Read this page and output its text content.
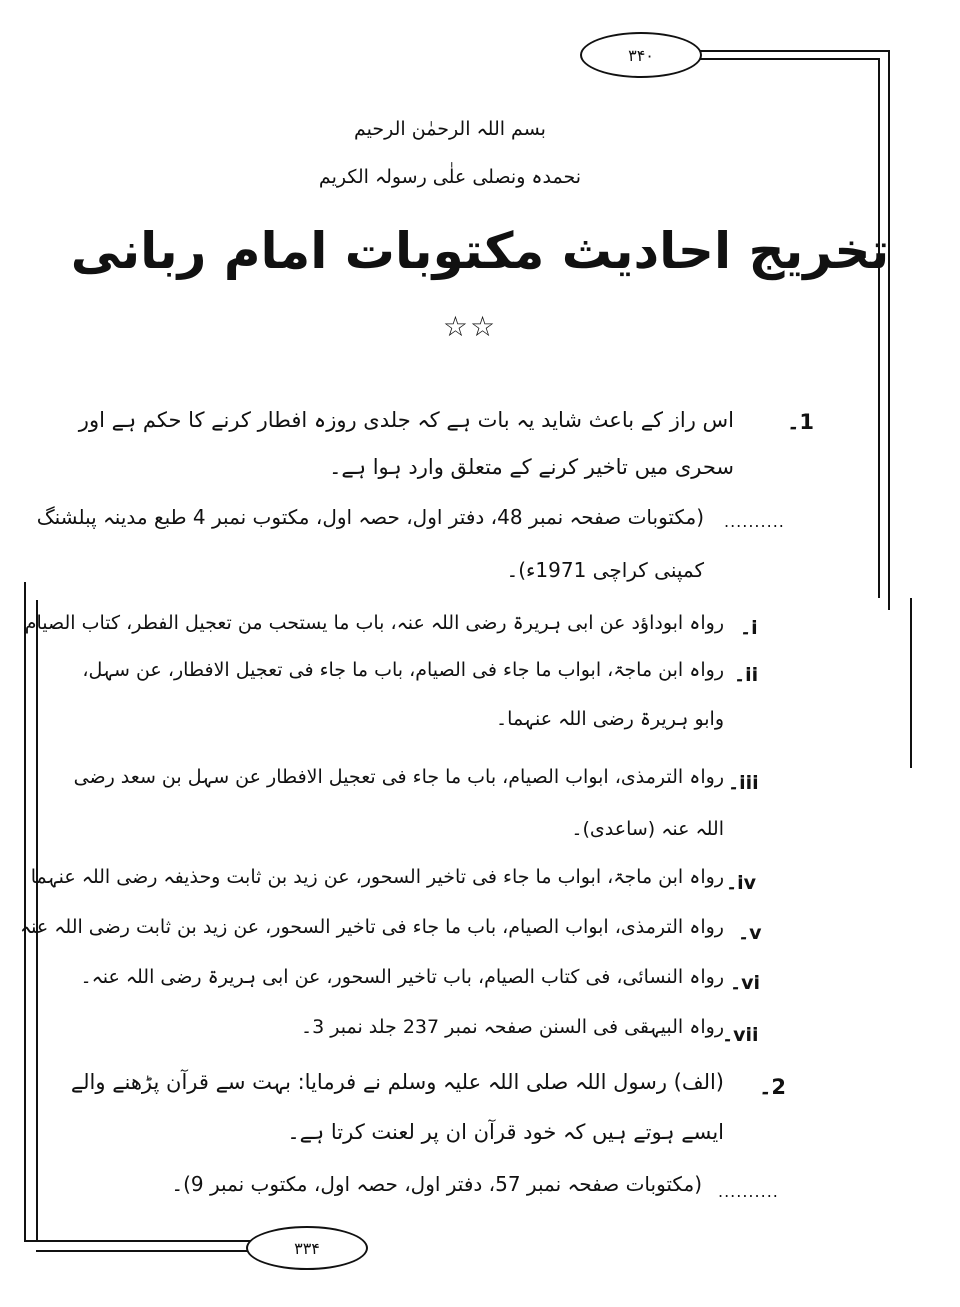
۳۴۰
۳۳۴
بسم اللہ الرحمٰن الرحیم
نحمدہ ونصلی علٰی رسولہ الکریم
تخریج احادیث مکتوبات امام ربانی
☆☆
1۔
اس راز کے باعث شاید یہ بات ہے کہ جلدی روزہ افطار کرنے کا حکم ہے اور
سحری میں تاخیر کرنے کے متعلق وارد ہوا ہے۔
..........
(مکتوبات صفحہ نمبر 48، دفتر اول، حصہ اول، مکتوب نمبر 4 طبع مدینہ پبلشنگ
کمپنی کراچی 1971ء)۔
i۔
رواہ ابوداؤد عن ابی ہریرۃ رضی اللہ عنہ، باب ما یستحب من تعجیل الفطر، کتاب الصیام
ii۔
رواہ ابن ماجۃ، ابواب ما جاء فی الصیام، باب ما جاء فی تعجیل الافطار، عن سہل،
وابو ہریرۃ رضی اللہ عنہما۔
iii۔
رواہ الترمذی، ابواب الصیام، باب ما جاء فی تعجیل الافطار عن سہل بن سعد رضی
اللہ عنہ (ساعدی)۔
iv۔
رواہ ابن ماجۃ، ابواب ما جاء فی تاخیر السحور، عن زید بن ثابت وحذیفہ رضی اللہ عنہما
v۔
رواہ الترمذی، ابواب الصیام، باب ما جاء فی تاخیر السحور، عن زید بن ثابت رضی اللہ عنہ
vi۔
رواہ النسائی، فی کتاب الصیام، باب تاخیر السحور، عن ابی ہریرۃ رضی اللہ عنہ۔
vii۔
رواہ البیہقی فی السنن صفحہ نمبر 237 جلد نمبر 3۔
2۔
(الف) رسول اللہ صلی اللہ علیہ وسلم نے فرمایا: بہت سے قرآن پڑھنے والے
ایسے ہوتے ہیں کہ خود قرآن ان پر لعنت کرتا ہے۔
..........
(مکتوبات صفحہ نمبر 57، دفتر اول، حصہ اول، مکتوب نمبر 9)۔
